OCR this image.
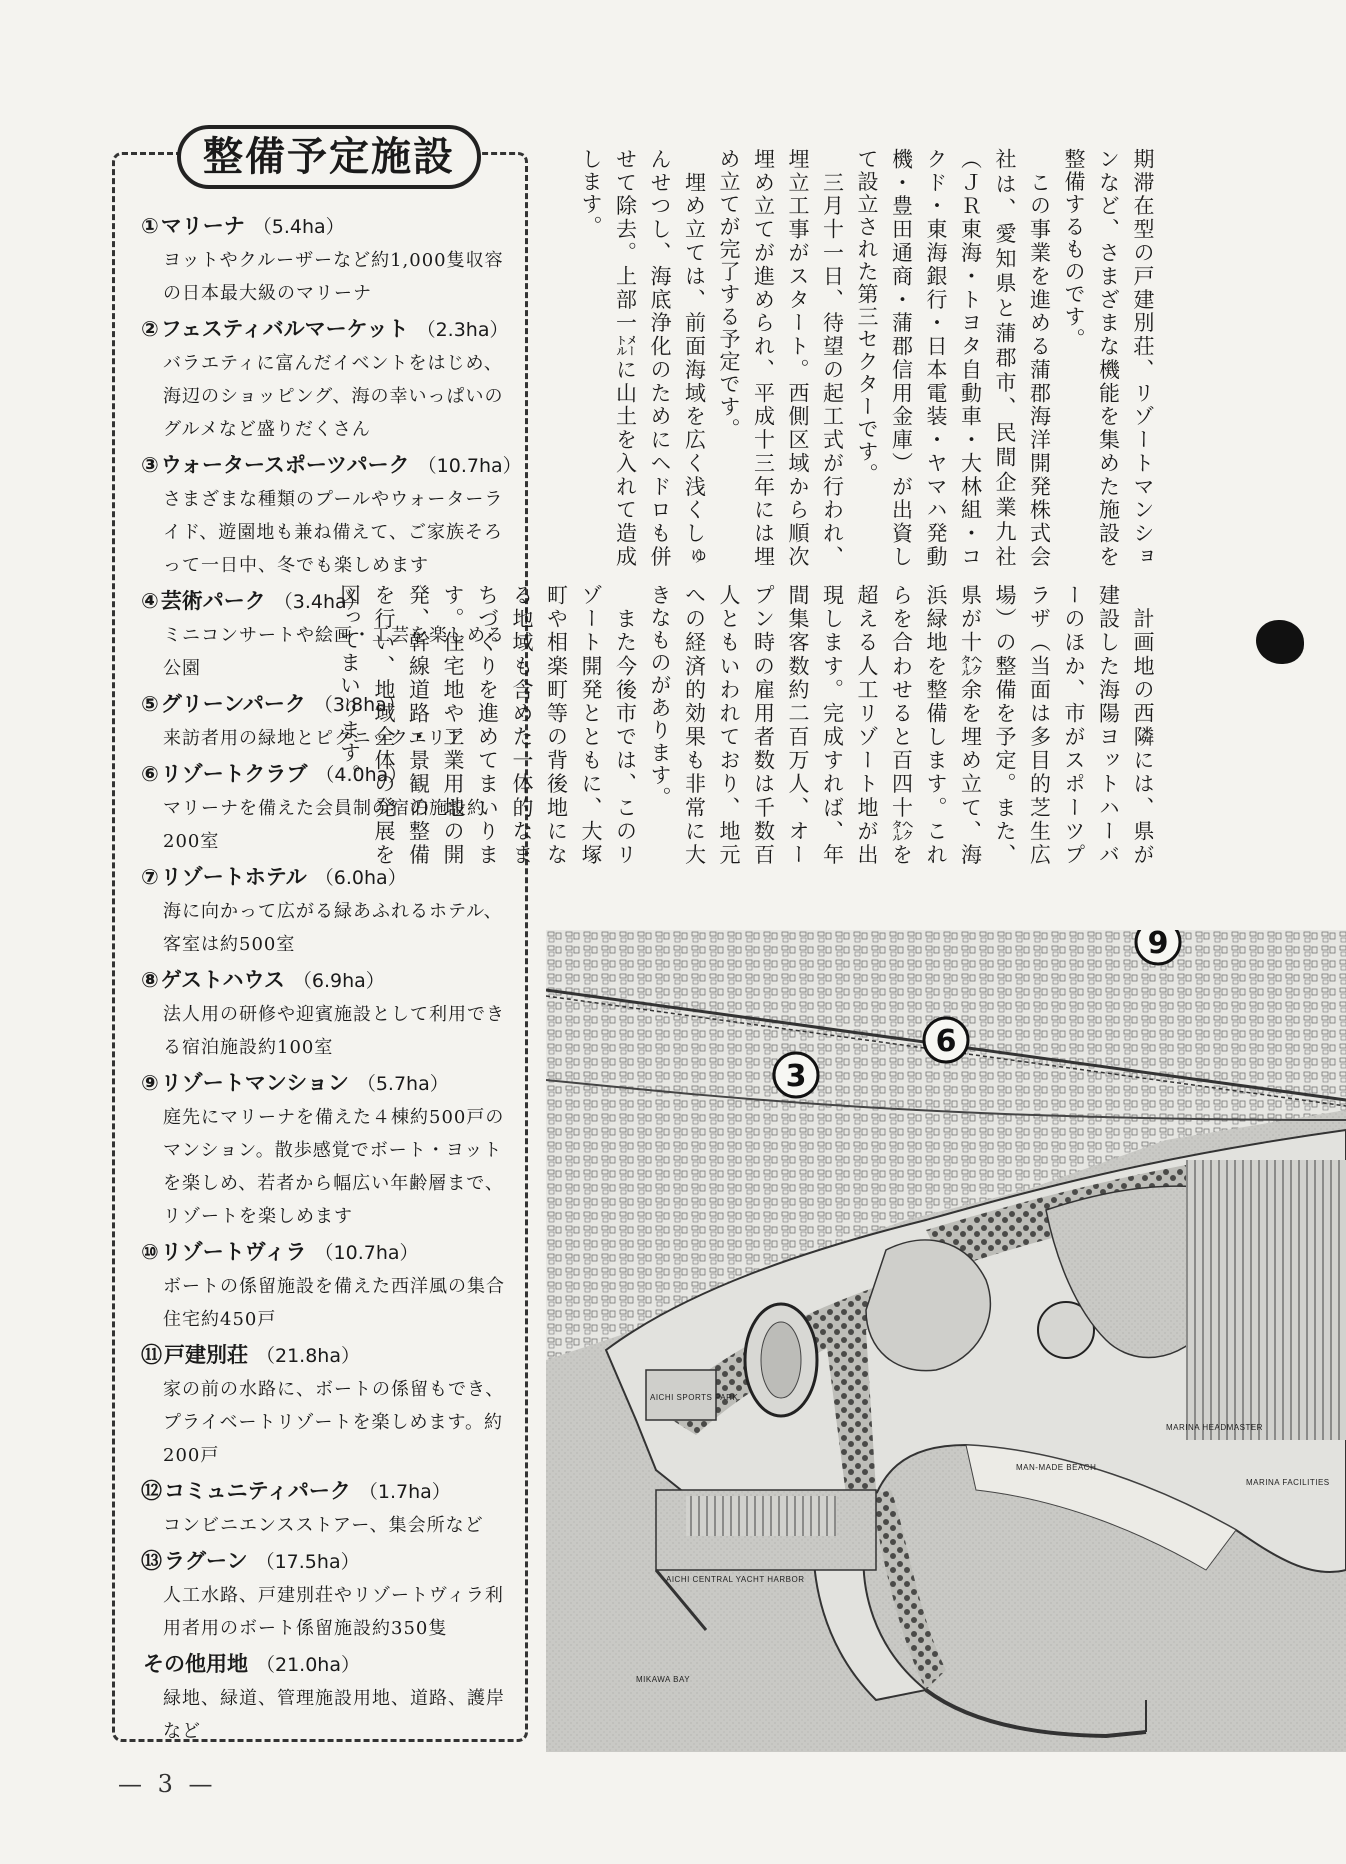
整備予定施設
①マリーナ （5.4ha）
ヨットやクルーザーなど約1,000隻収容の日本最大級のマリーナ
②フェスティバルマーケット （2.3ha）
バラエティに富んだイベントをはじめ、海辺のショッピング、海の幸いっぱいのグルメなど盛りだくさん
③ウォータースポーツパーク （10.7ha）
さまざまな種類のプールやウォーターライド、遊園地も兼ね備えて、ご家族そろって一日中、冬でも楽しめます
④芸術パーク （3.4ha）
ミニコンサートや絵画・工芸を楽しめる公園
⑤グリーンパーク （3.8ha）
来訪者用の緑地とピクニックエリア
⑥リゾートクラブ （4.0ha）
マリーナを備えた会員制の宿泊施設約200室
⑦リゾートホテル （6.0ha）
海に向かって広がる緑あふれるホテル、客室は約500室
⑧ゲストハウス （6.9ha）
法人用の研修や迎賓施設として利用できる宿泊施設約100室
⑨リゾートマンション （5.7ha）
庭先にマリーナを備えた４棟約500戸のマンション。散歩感覚でボート・ヨットを楽しめ、若者から幅広い年齢層まで、リゾートを楽しめます
⑩リゾートヴィラ （10.7ha）
ボートの係留施設を備えた西洋風の集合住宅約450戸
⑪戸建別荘 （21.8ha）
家の前の水路に、ボートの係留もでき、プライベートリゾートを楽しめます。約200戸
⑫コミュニティパーク （1.7ha）
コンビニエンスストアー、集会所など
⑬ラグーン （17.5ha）
人工水路、戸建別荘やリゾートヴィラ利用者用のボート係留施設約350隻
その他用地 （21.0ha）
緑地、緑道、管理施設用地、道路、護岸など

期滞在型の戸建別荘、リゾートマンションなど、さまざまな機能を集めた施設を整備するものです。

　この事業を進める蒲郡海洋開発株式会社は、愛知県と蒲郡市、民間企業九社（ＪＲ東海・トヨタ自動車・大林組・コクド・東海銀行・日本電装・ヤマハ発動機・豊田通商・蒲郡信用金庫）が出資して設立された第三セクターです。

　三月十一日、待望の起工式が行われ、埋立工事がスタート。西側区域から順次埋め立てが進められ、平成十三年には埋め立てが完了する予定です。

　埋め立ては、前面海域を広く浅くしゅんせつし、海底浄化のためにヘドロも併せて除去。上部一㍍に山土を入れて造成します。

　計画地の西隣には、県が建設した海陽ヨットハーバーのほか、市がスポーツプラザ（当面は多目的芝生広場）の整備を予定。また、県が十㌶余を埋め立て、海浜緑地を整備します。これらを合わせると百四十㌶を超える人工リゾート地が出現します。完成すれば、年間集客数約二百万人、オープン時の雇用者数は千数百人ともいわれており、地元への経済的効果も非常に大きなものがあります。

　また今後市では、このリゾート開発とともに、大塚町や相楽町等の背後地になる地域も含めた一体的なまちづくりを進めてまいります。住宅地や工業用地の開発、幹線道路・景観の整備を行い、地域全体の発展を図ってまいります。

AICHI SPORTS PARK
MARINA HEADMASTER
MARINA FACILITIES
AICHI CENTRAL YACHT HARBOR
MAN-MADE BEACH
MIKAWA BAY
9
6
3
— 3 —
